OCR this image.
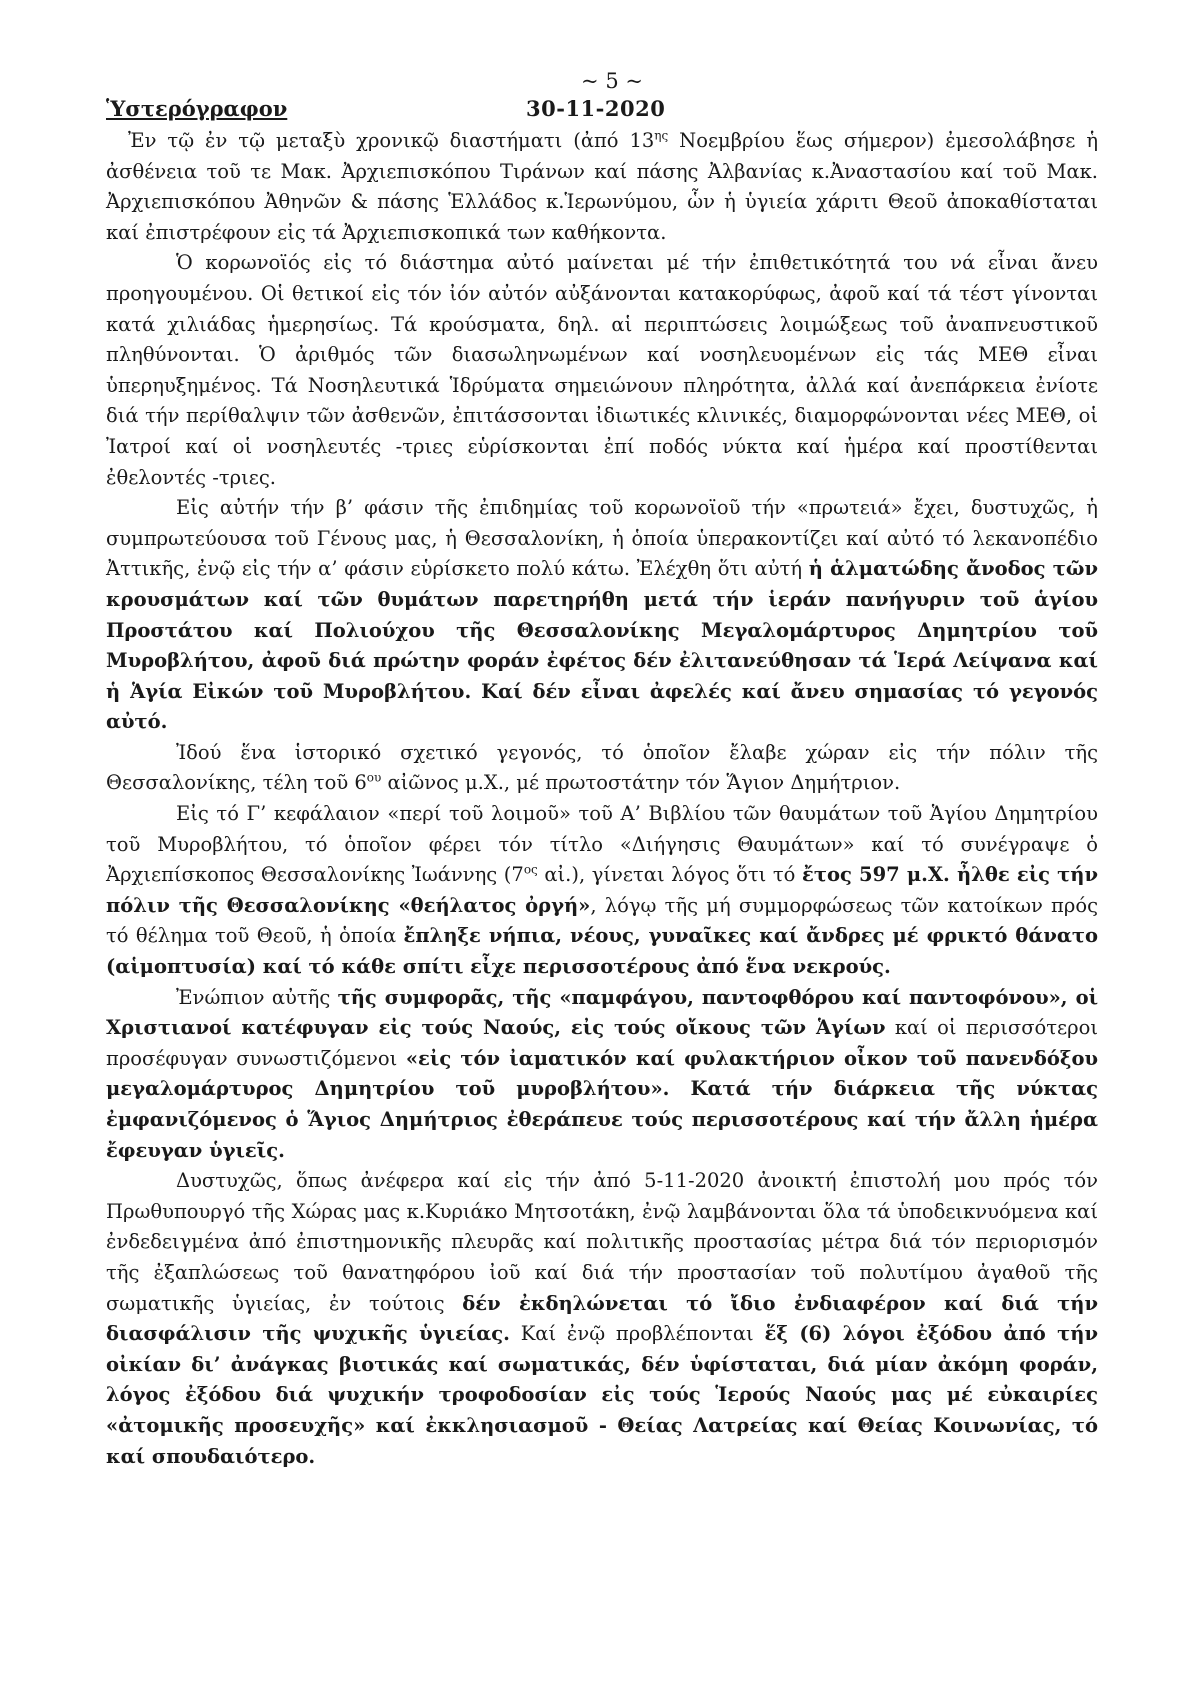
~ 5 ~
Ὑστερόγραφον	30-11-2020

Ἐν τῷ ἐν τῷ μεταξὺ χρονικῷ διαστήματι (ἀπό $13^{\eta\varsigma}$ Νοεμβρίου ἕως σήμερον) ἐμεσολάβησε ἡ ἀσθένεια τοῦ τε Μακ. Ἀρχιεπισκόπου Τιράνων καί πάσης Ἀλβανίας κ.Ἀναστασίου καί τοῦ Μακ. Ἀρχιεπισκόπου Ἀθηνῶν & πάσης Ἑλλάδος κ.Ἱερωνύμου, ὧν ἡ ὑγιεία χάριτι Θεοῦ ἀποκαθίσταται καί ἐπιστρέφουν εἰς τά Ἀρχιεπισκοπικά των καθήκοντα.

Ὁ κορωνοϊός εἰς τό διάστημα αὐτό μαίνεται μέ τήν ἐπιθετικότητά του νά εἶναι ἄνευ προηγουμένου. Οἱ θετικοί εἰς τόν ἰόν αὐτόν αὐξάνονται κατακορύφως, ἀφοῦ καί τά τέστ γίνονται κατά χιλιάδας ἡμερησίως. Τά κρούσματα, δηλ. αἱ περιπτώσεις λοιμώξεως τοῦ ἀναπνευστικοῦ πληθύνονται. Ὁ ἀριθμός τῶν διασωληνωμένων καί νοσηλευομένων εἰς τάς ΜΕΘ εἶναι ὑπερηυξημένος. Τά Νοσηλευτικά Ἱδρύματα σημειώνουν πληρότητα, ἀλλά καί ἀνεπάρκεια ἐνίοτε διά τήν περίθαλψιν τῶν ἀσθενῶν, ἐπιτάσσονται ἰδιωτικές κλινικές, διαμορφώνονται νέες ΜΕΘ, οἱ Ἰατροί καί οἱ νοσηλευτές -τριες εὑρίσκονται ἐπί ποδός νύκτα καί ἡμέρα καί προστίθενται ἐθελοντές -τριες.

Εἰς αὐτήν τήν β’ φάσιν τῆς ἐπιδημίας τοῦ κορωνοϊοῦ τήν «πρωτειά» ἔχει, δυστυχῶς, ἡ συμπρωτεύουσα τοῦ Γένους μας, ἡ Θεσσαλονίκη, ἡ ὁποία ὑπερακοντίζει καί αὐτό τό λεκανοπέδιο Ἀττικῆς, ἐνῷ εἰς τήν α’ φάσιν εὑρίσκετο πολύ κάτω. Ἐλέχθη ὅτι αὐτή ἡ ἁλματώδης ἄνοδος τῶν κρουσμάτων καί τῶν θυμάτων παρετηρήθη μετά τήν ἱεράν πανήγυριν τοῦ ἁγίου Προστάτου καί Πολιούχου τῆς Θεσσαλονίκης Μεγαλομάρτυρος Δημητρίου τοῦ Μυροβλήτου, ἀφοῦ διά πρώτην φοράν ἐφέτος δέν ἐλιτανεύθησαν τά Ἱερά Λείψανα καί ἡ Ἁγία Εἰκών τοῦ Μυροβλήτου. Καί δέν εἶναι ἀφελές καί ἄνευ σημασίας τό γεγονός αὐτό.

Ἰδού ἕνα ἱστορικό σχετικό γεγονός, τό ὁποῖον ἔλαβε χώραν εἰς τήν πόλιν τῆς Θεσσαλονίκης, τέλη τοῦ $6^{o\upsilon}$ αἰῶνος μ.Χ., μέ πρωτοστάτην τόν Ἅγιον Δημήτριον.

Εἰς τό Γ’ κεφάλαιον «περί τοῦ λοιμοῦ» τοῦ Α’ Βιβλίου τῶν θαυμάτων τοῦ Ἁγίου Δημητρίου τοῦ Μυροβλήτου, τό ὁποῖον φέρει τόν τίτλο «Διήγησις Θαυμάτων» καί τό συνέγραψε ὁ Ἀρχιεπίσκοπος Θεσσαλονίκης Ἰωάννης ($7^{o\varsigma}$ αἰ.), γίνεται λόγος ὅτι τό ἔτος 597 μ.Χ. ἦλθε εἰς τήν πόλιν τῆς Θεσσαλονίκης «θεήλατος ὀργή», λόγῳ τῆς μή συμμορφώσεως τῶν κατοίκων πρός τό θέλημα τοῦ Θεοῦ, ἡ ὁποία ἔπληξε νήπια, νέους, γυναῖκες καί ἄνδρες μέ φρικτό θάνατο (αἱμοπτυσία) καί τό κάθε σπίτι εἶχε περισσοτέρους ἀπό ἕνα νεκρούς.

Ἐνώπιον αὐτῆς τῆς συμφορᾶς, τῆς «παμφάγου, παντοφθόρου καί παντοφόνου», οἱ Χριστιανοί κατέφυγαν εἰς τούς Ναούς, εἰς τούς οἴκους τῶν Ἁγίων καί οἱ περισσότεροι προσέφυγαν συνωστιζόμενοι «εἰς τόν ἰαματικόν καί φυλακτήριον οἶκον τοῦ πανενδόξου μεγαλομάρτυρος Δημητρίου τοῦ μυροβλήτου». Κατά τήν διάρκεια τῆς νύκτας ἐμφανιζόμενος ὁ Ἅγιος Δημήτριος ἐθεράπευε τούς περισσοτέρους καί τήν ἄλλη ἡμέρα ἔφευγαν ὑγιεῖς.

Δυστυχῶς, ὅπως ἀνέφερα καί εἰς τήν ἀπό 5-11-2020 ἀνοικτή ἐπιστολή μου πρός τόν Πρωθυπουργό τῆς Χώρας μας κ.Κυριάκο Μητσοτάκη, ἐνῷ λαμβάνονται ὅλα τά ὑποδεικνυόμενα καί ἐνδεδειγμένα ἀπό ἐπιστημονικῆς πλευρᾶς καί πολιτικῆς προστασίας μέτρα διά τόν περιορισμόν τῆς ἐξαπλώσεως τοῦ θανατηφόρου ἰοῦ καί διά τήν προστασίαν τοῦ πολυτίμου ἀγαθοῦ τῆς σωματικῆς ὑγιείας, ἐν τούτοις δέν ἐκδηλώνεται τό ἴδιο ἐνδιαφέρον καί διά τήν διασφάλισιν τῆς ψυχικῆς ὑγιείας. Καί ἐνῷ προβλέπονται ἕξ (6) λόγοι ἐξόδου ἀπό τήν οἰκίαν δι’ ἀνάγκας βιοτικάς καί σωματικάς, δέν ὑφίσταται, διά μίαν ἀκόμη φοράν, λόγος ἐξόδου διά ψυχικήν τροφοδοσίαν εἰς τούς Ἱερούς Ναούς μας μέ εὐκαιρίες «ἀτομικῆς προσευχῆς» καί ἐκκλησιασμοῦ - Θείας Λατρείας καί Θείας Κοινωνίας, τό καί σπουδαιότερο.
